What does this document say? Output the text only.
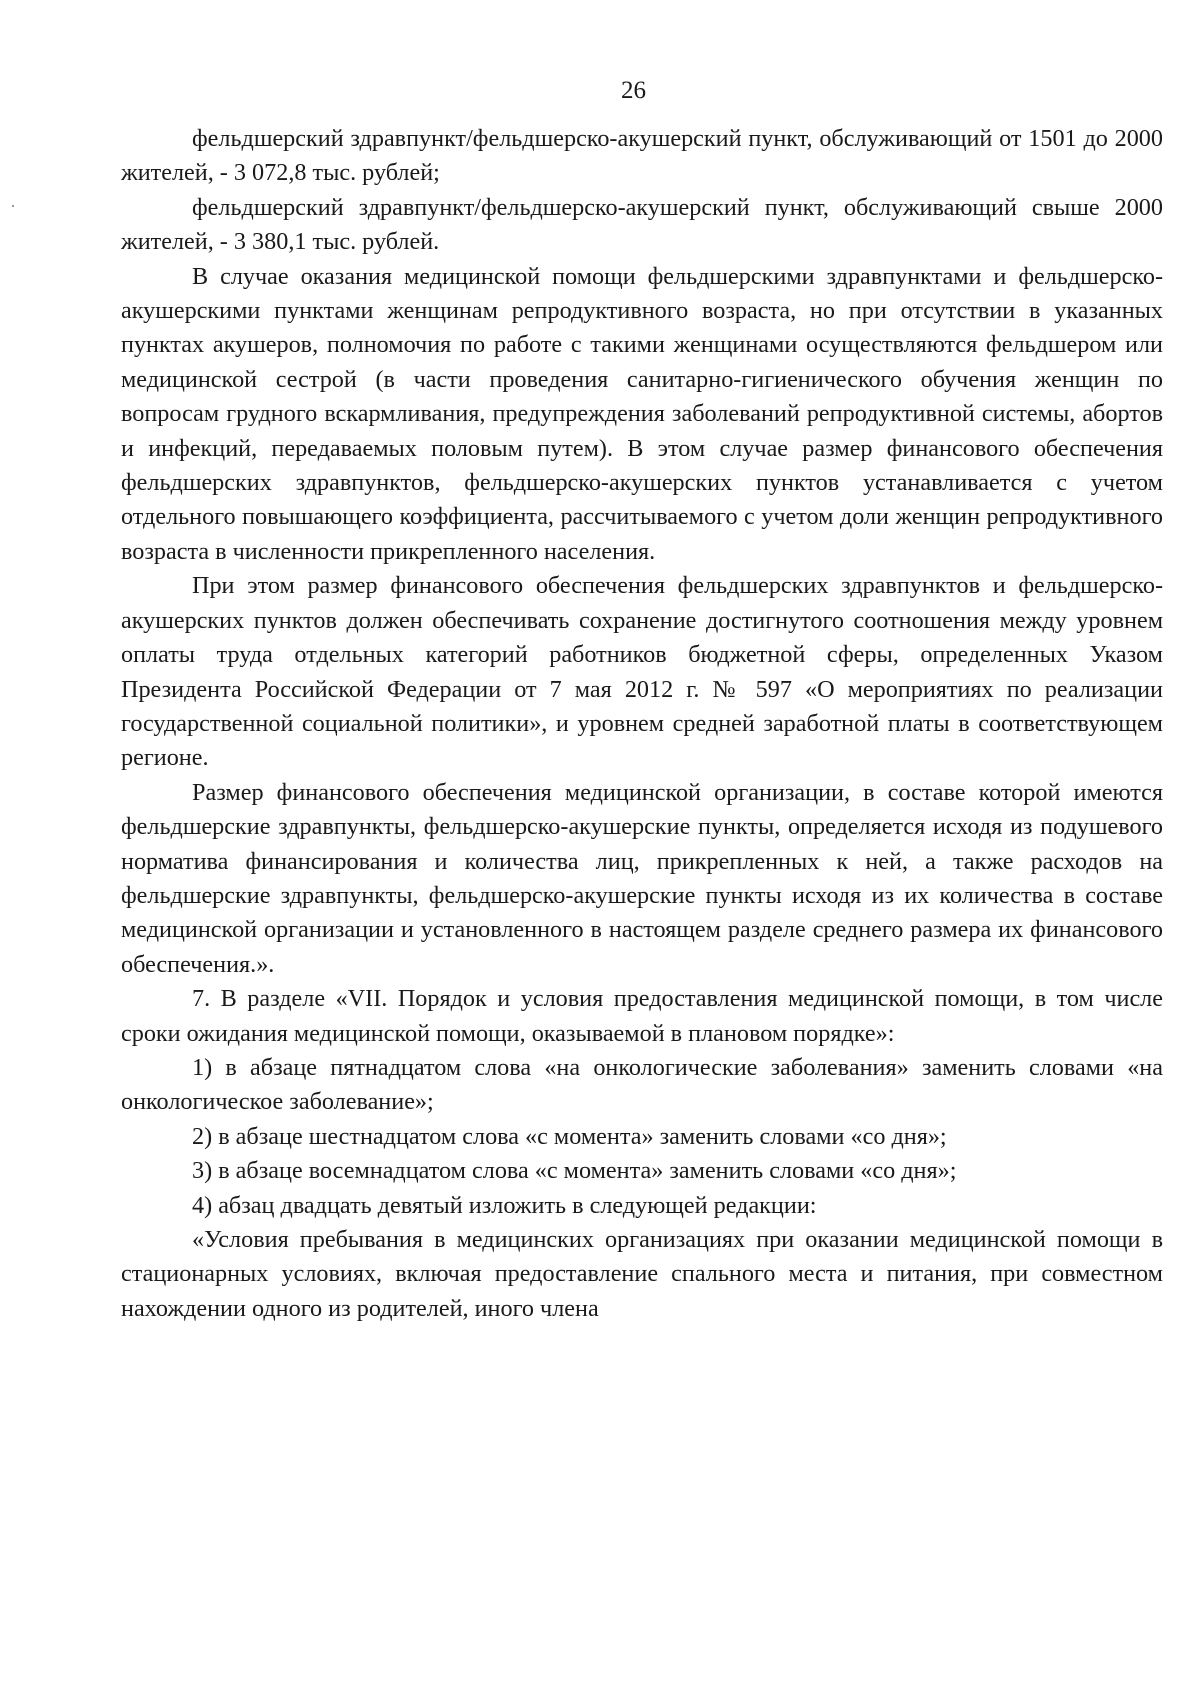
26

фельдшерский здравпункт/фельдшерско-акушерский пункт, обслуживающий от 1501 до 2000 жителей, - 3 072,8 тыс. рублей;

фельдшерский здравпункт/фельдшерско-акушерский пункт, обслуживающий свыше 2000 жителей, - 3 380,1 тыс. рублей.

В случае оказания медицинской помощи фельдшерскими здравпунктами и фельдшерско-акушерскими пунктами женщинам репродуктивного возраста, но при отсутствии в указанных пунктах акушеров, полномочия по работе с такими женщинами осуществляются фельдшером или медицинской сестрой (в части проведения санитарно-гигиенического обучения женщин по вопросам грудного вскармливания, предупреждения заболеваний репродуктивной системы, абортов и инфекций, передаваемых половым путем). В этом случае размер финансового обеспечения фельдшерских здравпунктов, фельдшерско-акушерских пунктов устанавливается с учетом отдельного повышающего коэффициента, рассчитываемого с учетом доли женщин репродуктивного возраста в численности прикрепленного населения.

При этом размер финансового обеспечения фельдшерских здравпунктов и фельдшерско-акушерских пунктов должен обеспечивать сохранение достигнутого соотношения между уровнем оплаты труда отдельных категорий работников бюджетной сферы, определенных Указом Президента Российской Федерации от 7 мая 2012 г. № 597 «О мероприятиях по реализации государственной социальной политики», и уровнем средней заработной платы в соответствующем регионе.

Размер финансового обеспечения медицинской организации, в составе которой имеются фельдшерские здравпункты, фельдшерско-акушерские пункты, определяется исходя из подушевого норматива финансирования и количества лиц, прикрепленных к ней, а также расходов на фельдшерские здравпункты, фельдшерско-акушерские пункты исходя из их количества в составе медицинской организации и установленного в настоящем разделе среднего размера их финансового обеспечения.».

7. В разделе «VII. Порядок и условия предоставления медицинской помощи, в том числе сроки ожидания медицинской помощи, оказываемой в плановом порядке»:

1) в абзаце пятнадцатом слова «на онкологические заболевания» заменить словами «на онкологическое заболевание»;

2) в абзаце шестнадцатом слова «с момента» заменить словами «со дня»;

3) в абзаце восемнадцатом слова «с момента» заменить словами «со дня»;

4) абзац двадцать девятый изложить в следующей редакции:

«Условия пребывания в медицинских организациях при оказании медицинской помощи в стационарных условиях, включая предоставление спального места и питания, при совместном нахождении одного из родителей, иного члена
